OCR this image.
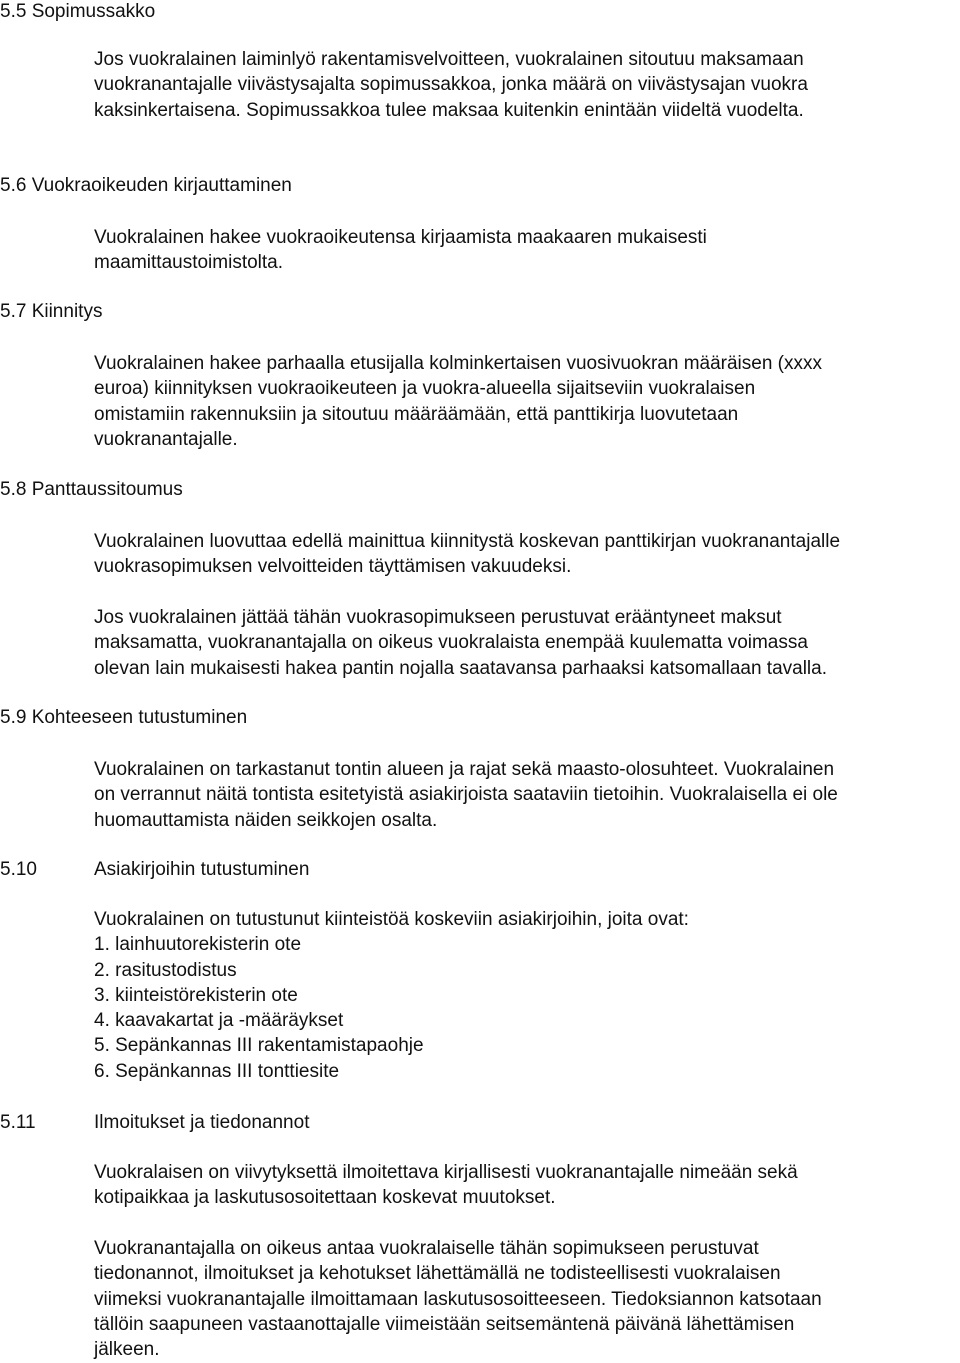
5.5 Sopimussakko

Jos vuokralainen laiminlyö rakentamisvelvoitteen, vuokralainen sitoutuu maksamaan
vuokranantajalle viivästysajalta sopimussakkoa, jonka määrä on viivästysajan vuokra
kaksinkertaisena. Sopimussakkoa tulee maksaa kuitenkin enintään viideltä vuodelta.

5.6 Vuokraoikeuden kirjauttaminen

Vuokralainen hakee vuokraoikeutensa kirjaamista maakaaren mukaisesti
maamittaustoimistolta.

5.7 Kiinnitys

Vuokralainen hakee parhaalla etusijalla kolminkertaisen vuosivuokran määräisen (xxxx
euroa) kiinnityksen vuokraoikeuteen ja vuokra-alueella sijaitseviin vuokralaisen
omistamiin rakennuksiin ja sitoutuu määräämään, että panttikirja luovutetaan
vuokranantajalle.

5.8 Panttaussitoumus

Vuokralainen luovuttaa edellä mainittua kiinnitystä koskevan panttikirjan vuokranantajalle
vuokrasopimuksen velvoitteiden täyttämisen vakuudeksi.

Jos vuokralainen jättää tähän vuokrasopimukseen perustuvat erääntyneet maksut
maksamatta, vuokranantajalla on oikeus vuokralaista enempää kuulematta voimassa
olevan lain mukaisesti hakea pantin nojalla saatavansa parhaaksi katsomallaan tavalla.

5.9 Kohteeseen tutustuminen

Vuokralainen on tarkastanut tontin alueen ja rajat sekä maasto-olosuhteet. Vuokralainen
on verrannut näitä tontista esitetyistä asiakirjoista saataviin tietoihin. Vuokralaisella ei ole
huomauttamista näiden seikkojen osalta.

5.10	Asiakirjoihin tutustuminen

Vuokralainen on tutustunut kiinteistöä koskeviin asiakirjoihin, joita ovat:
1. lainhuutorekisterin ote
2. rasitustodistus
3. kiinteistörekisterin ote
4. kaavakartat ja -määräykset
5. Sepänkannas III rakentamistapaohje
6. Sepänkannas III tonttiesite

5.11	Ilmoitukset ja tiedonannot

Vuokralaisen on viivytyksettä ilmoitettava kirjallisesti vuokranantajalle nimeään sekä
kotipaikkaa ja laskutusosoitettaan koskevat muutokset.

Vuokranantajalla on oikeus antaa vuokralaiselle tähän sopimukseen perustuvat
tiedonannot, ilmoitukset ja kehotukset lähettämällä ne todisteellisesti vuokralaisen
viimeksi vuokranantajalle ilmoittamaan laskutusosoitteeseen. Tiedoksiannon katsotaan
tällöin saapuneen vastaanottajalle viimeistään seitsemäntenä päivänä lähettämisen
jälkeen.
